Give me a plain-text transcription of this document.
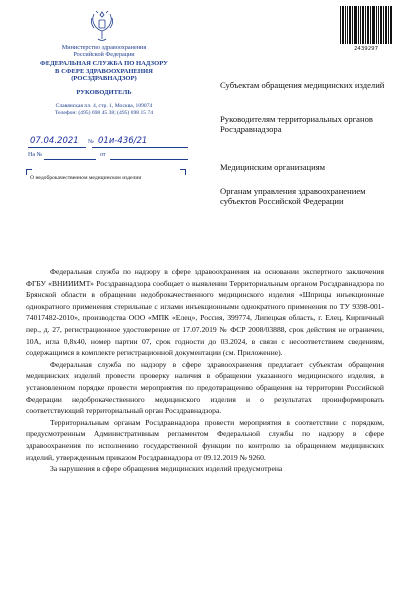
Министерство здравоохранения
Российской Федерации
ФЕДЕРАЛЬНАЯ СЛУЖБА ПО НАДЗОРУ
В СФЕРЕ ЗДРАВООХРАНЕНИЯ
(РОСЗДРАВНАДЗОР)
РУКОВОДИТЕЛЬ
Славянская пл. 4, стр. 1, Москва, 109074
Телефон: (495) 698 45 38; (495) 698 15 74
07.04.2021 № 01и-436/21
На №	от
О недоброкачественном медицинском изделии
2439297
Субъектам обращения медицинских изделий
Руководителям территориальных органов Росздравнадзора
Медицинским организациям
Органам управления здравоохранением субъектов Российской Федерации

Федеральная служба по надзору в сфере здравоохранения на основании экспертного заключения ФГБУ «ВНИИИМТ» Росздравнадзора сообщает о выявлении Территориальным органом Росздравнадзора по Брянской области в обращении недоброкачественного медицинского изделия «Шприцы инъекционные однократного применения стерильные с иглами инъекционными однократного применения по ТУ 9398-001-74017482-2010», производства ООО «МПК «Елец», Россия, 399774, Липецкая область, г. Елец, Кирпичный пер., д. 27, регистрационное удостоверение от 17.07.2019 № ФСР 2008/03888, срок действия не ограничен, 10А, игла 0,8х40, номер партии 07, срок годности до 03.2024, в связи с несоответствием сведениям, содержащимся в комплекте регистрационной документации (см. Приложение).

Федеральная служба по надзору в сфере здравоохранения предлагает субъектам обращения медицинских изделий провести проверку наличия в обращении указанного медицинского изделия, в установленном порядке провести мероприятия по предотвращению обращения на территории Российской Федерации недоброкачественного медицинского изделия и о результатах проинформировать соответствующий территориальный орган Росздравнадзора.

Территориальным органам Росздравнадзора провести мероприятия в соответствии с порядком, предусмотренным Административным регламентом Федеральной службы по надзору в сфере здравоохранения по исполнению государственной функции по контролю за обращением медицинских изделий, утвержденным приказом Росздравнадзора от 09.12.2019 № 9260.

За нарушения в сфере обращения медицинских изделий предусмотрена
